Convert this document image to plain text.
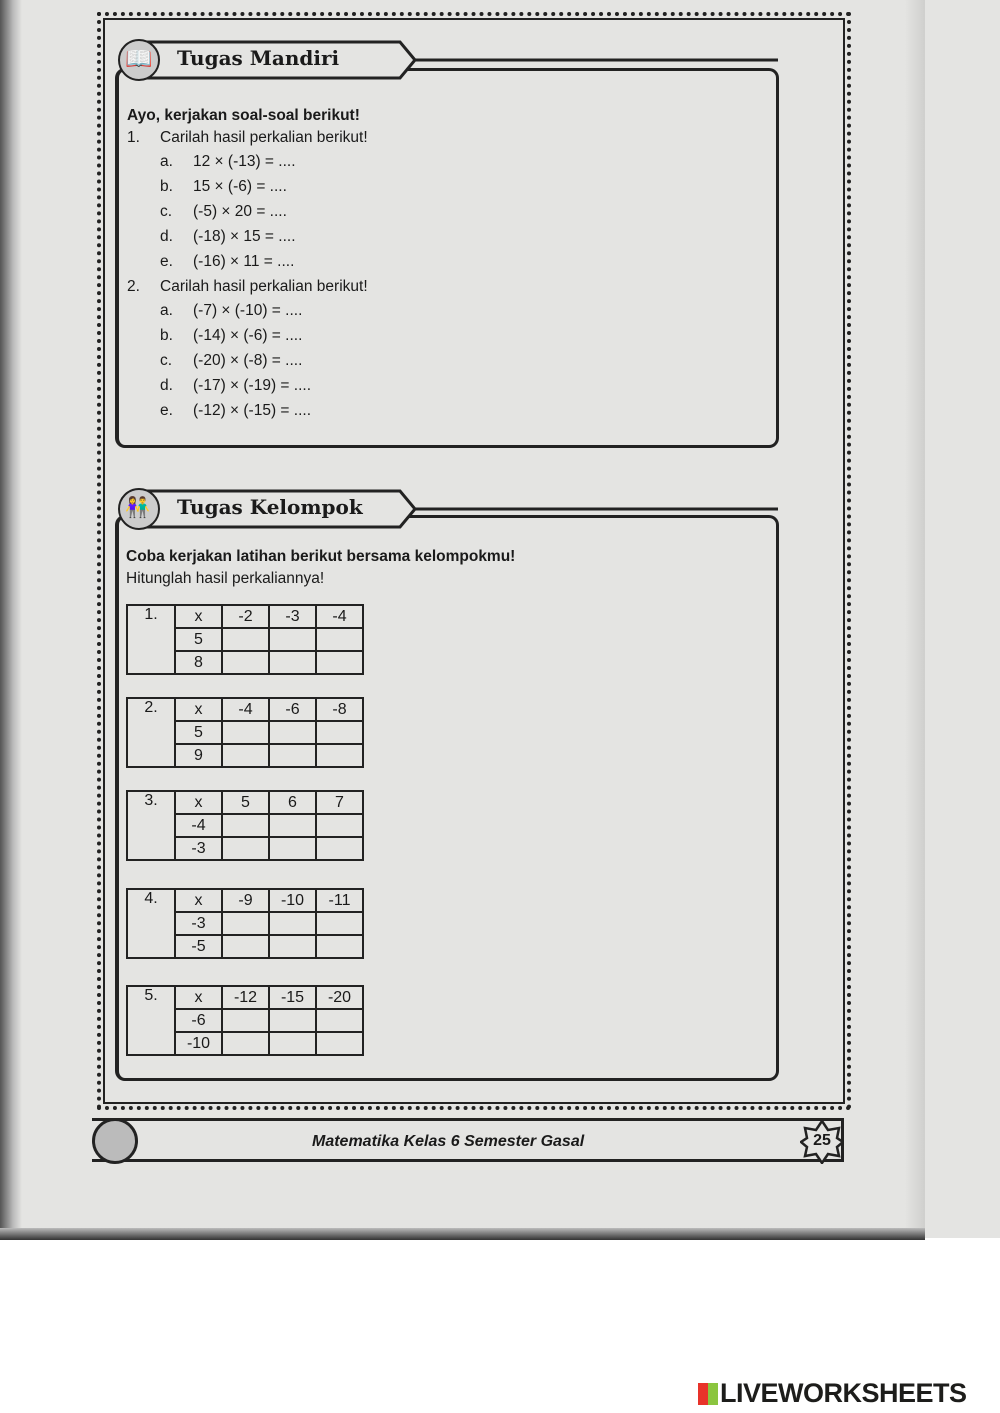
📖 Tugas Mandiri
Ayo, kerjakan soal-soal berikut!
1. Carilah hasil perkalian berikut!
a. 12 × (-13) = ....
b. 15 × (-6) = ....
c. (-5) × 20 = ....
d. (-18) × 15 = ....
e. (-16) × 11 = ....
2. Carilah hasil perkalian berikut!
a. (-7) × (-10) = ....
b. (-14) × (-6) = ....
c. (-20) × (-8) = ....
d. (-17) × (-19) = ....
e. (-12) × (-15) = ....
👫 Tugas Kelompok
Coba kerjakan latihan berikut bersama kelompokmu!
Hitunglah hasil perkaliannya!
1.	x	-2	-3	-4
	5			
	8			
2.	x	-4	-6	-8
	5			
	9			
3.	x	5	6	7
	-4			
	-3			
4.	x	-9	-10	-11
	-3			
	-5			
5.	x	-12	-15	-20
	-6			
	-10			
Matematika Kelas 6 Semester Gasal	25
LIVEWORKSHEETS
